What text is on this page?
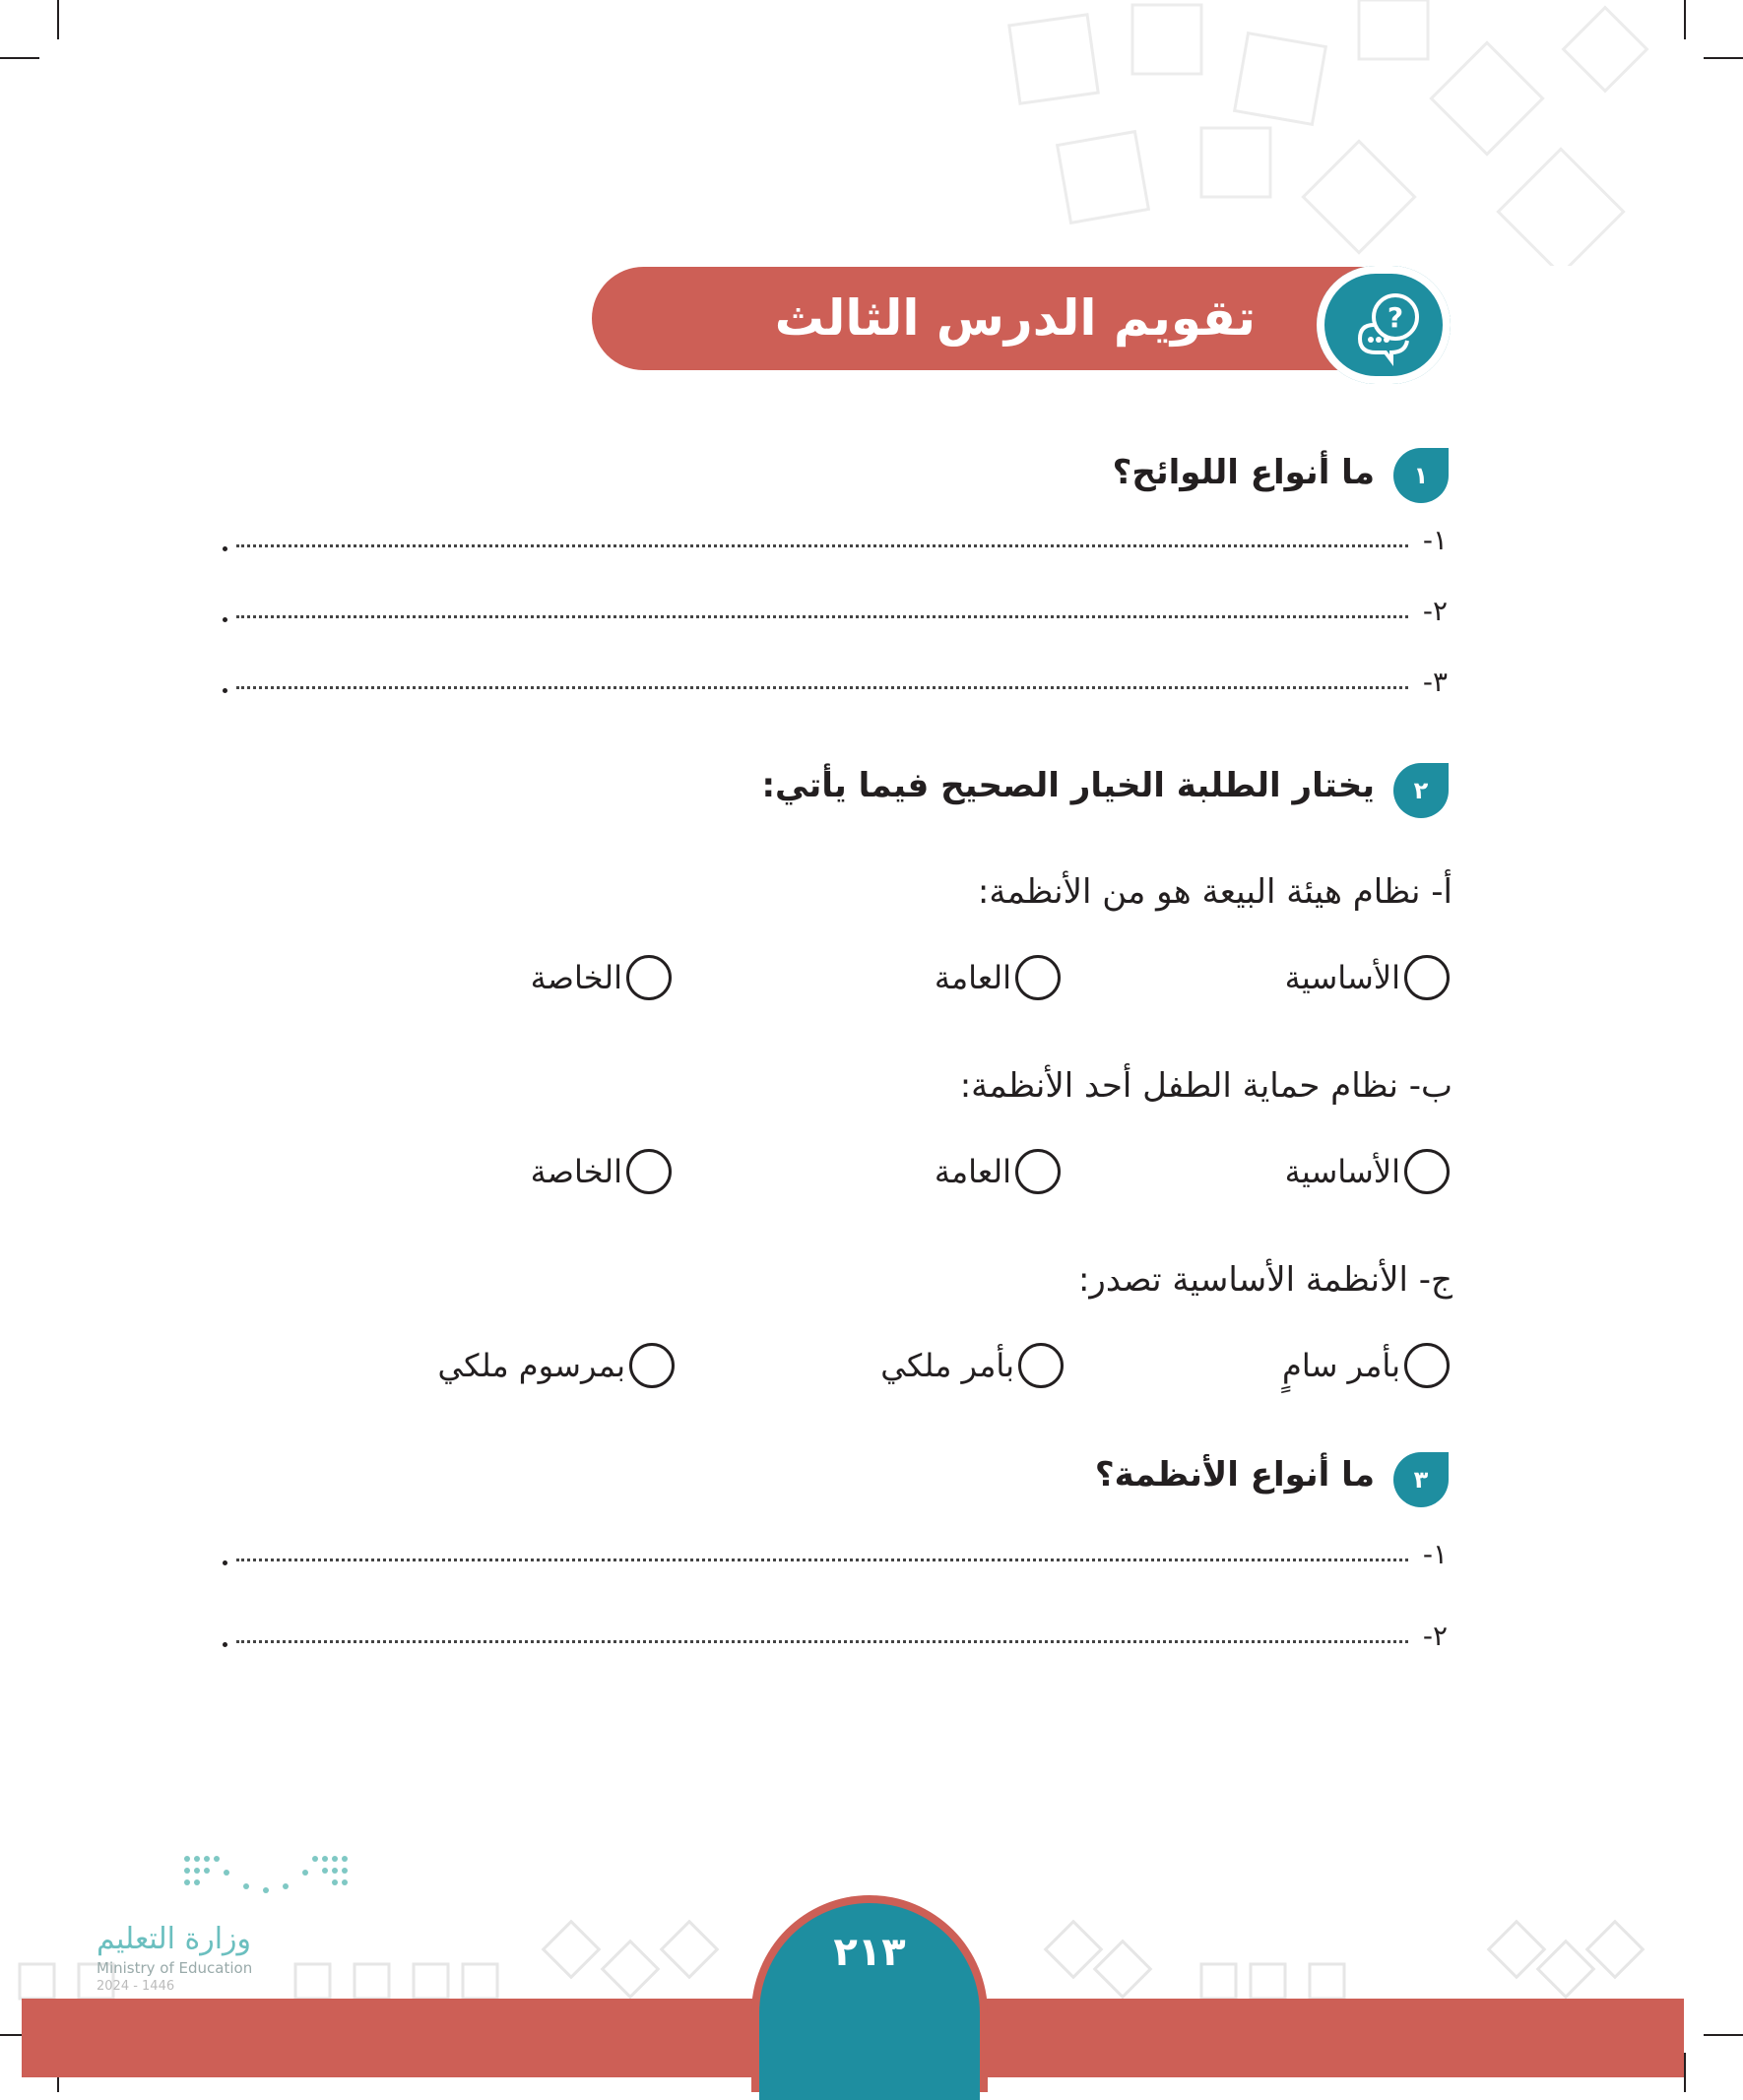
تقويم الدرس الثالث والعشرين
?
١
ما أنواع اللوائح؟
١-
٢-
٣-
٢
يختار الطلبة الخيار الصحيح فيما يأتي:
أ- نظام هيئة البيعة هو من الأنظمة:
الأساسية
العامة
الخاصة
ب- نظام حماية الطفل أحد الأنظمة:
الأساسية
العامة
الخاصة
ج- الأنظمة الأساسية تصدر:
بأمر سامٍ
بأمر ملكي
بمرسوم ملكي
٣
ما أنواع الأنظمة؟
١-
٢-
وزارة التعليم
Ministry of Education
2024 - 1446
٢١٣
